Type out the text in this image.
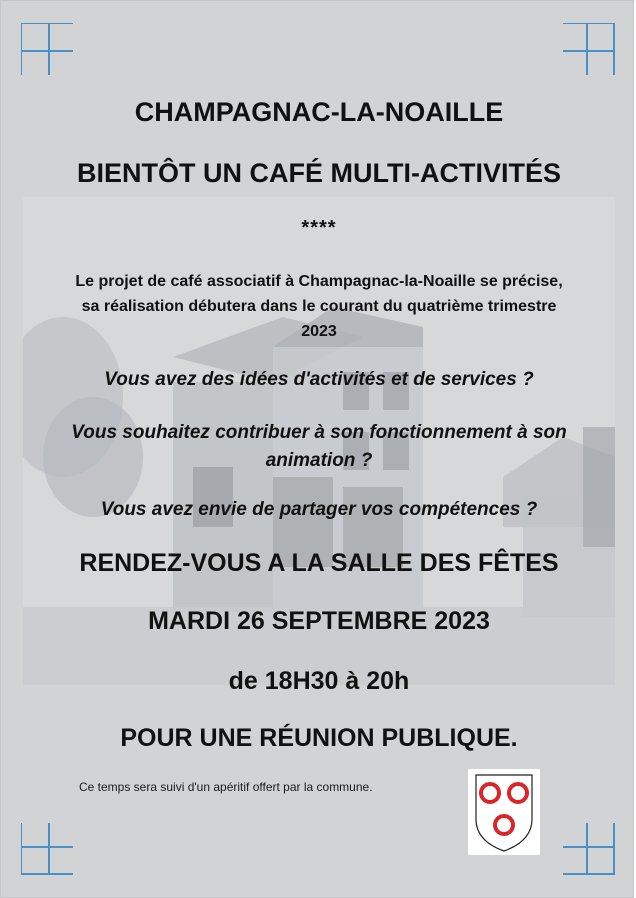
CHAMPAGNAC-LA-NOAILLE
BIENTÔT UN CAFÉ MULTI-ACTIVITÉS
****
Le projet de café associatif à Champagnac-la-Noaille se précise,
sa réalisation débutera dans le courant du quatrième trimestre
2023
Vous avez des idées d'activités et de services ?
Vous souhaitez contribuer à son fonctionnement à son
animation ?
Vous avez envie de partager vos compétences ?
RENDEZ-VOUS A LA SALLE DES FÊTES
MARDI 26 SEPTEMBRE 2023
de 18H30 à 20h
POUR UNE RÉUNION PUBLIQUE.
Ce temps sera suivi d'un apéritif offert par la commune.
